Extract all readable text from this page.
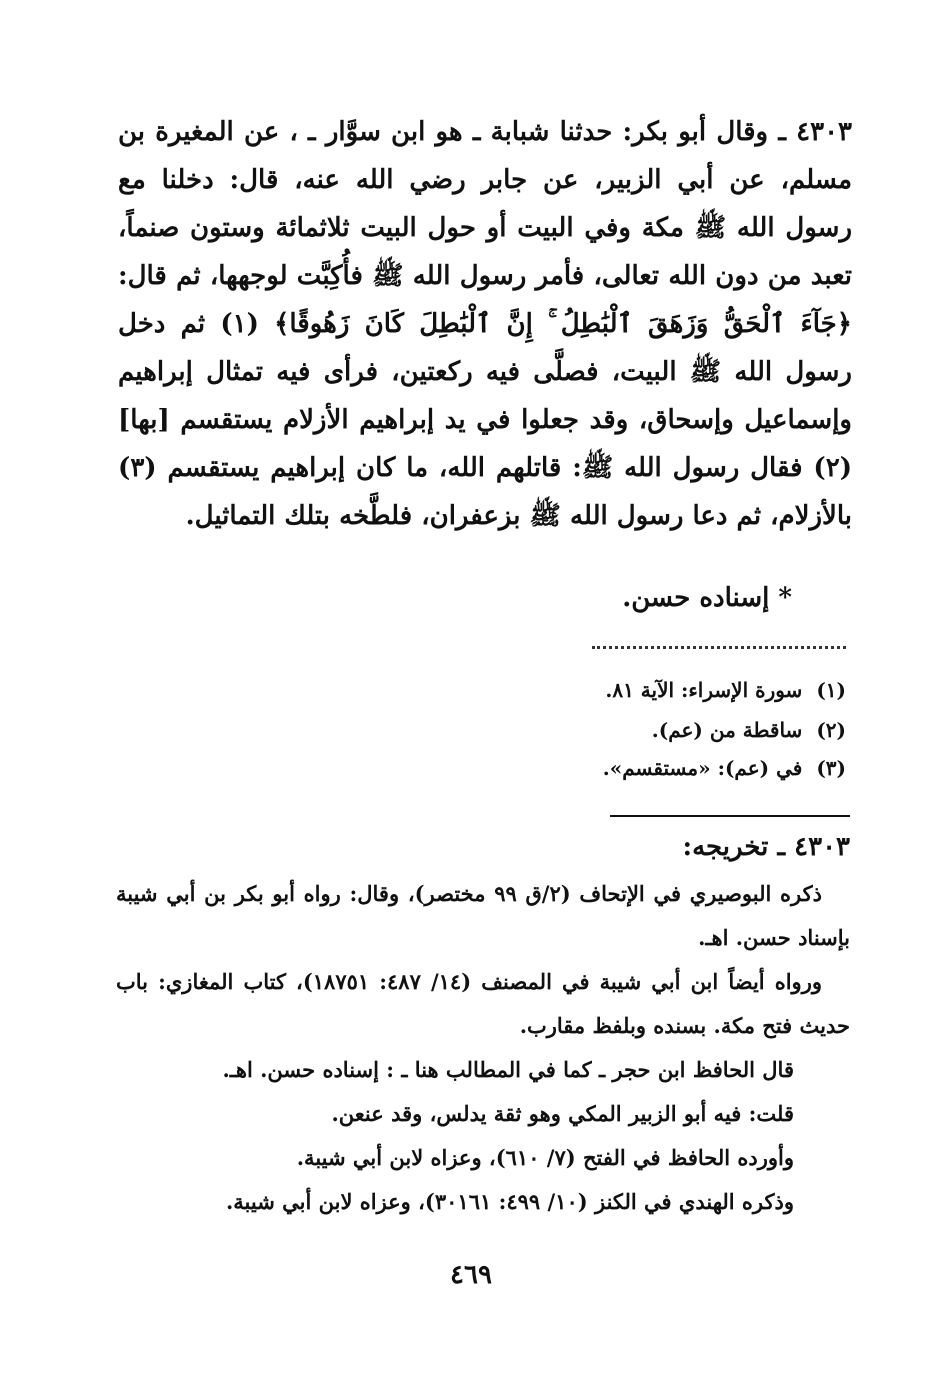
٤٣٠٣ ـ وقال أبو بكر: حدثنا شبابة ـ هو ابن سوَّار ـ ، عن المغيرة بن مسلم، عن أبي الزبير، عن جابر رضي الله عنه، قال: دخلنا مع رسول الله ﷺ مكة وفي البيت أو حول البيت ثلاثمائة وستون صنماً، تعبد من دون الله تعالى، فأمر رسول الله ﷺ فأُكِبَّت لوجهها، ثم قال: ﴿جَآءَ ٱلْحَقُّ وَزَهَقَ ٱلْبَٰطِلُ ۚ إِنَّ ٱلْبَٰطِلَ كَانَ زَهُوقًا﴾ (١) ثم دخل رسول الله ﷺ البيت، فصلَّى فيه ركعتين، فرأى فيه تمثال إبراهيم وإسماعيل وإسحاق، وقد جعلوا في يد إبراهيم الأزلام يستقسم [بها] (٢) فقال رسول الله ﷺ: قاتلهم الله، ما كان إبراهيم يستقسم (٣) بالأزلام، ثم دعا رسول الله ﷺ بزعفران، فلطَّخه بتلك التماثيل.

* إسناده حسن.
(١)سورة الإسراء: الآية ٨١.
(٢)ساقطة من (عم).
(٣)في (عم): «مستقسم».
٤٣٠٣ ـ تخريجه:

ذكره البوصيري في الإتحاف (٢/ق ٩٩ مختصر)، وقال: رواه أبو بكر بن أبي شيبة بإسناد حسن. اهـ.

ورواه أيضاً ابن أبي شيبة في المصنف (١٤/ ٤٨٧: ١٨٧٥١)، كتاب المغازي: باب حديث فتح مكة. بسنده وبلفظ مقارب.

قال الحافظ ابن حجر ـ كما في المطالب هنا ـ : إسناده حسن. اهـ.

قلت: فيه أبو الزبير المكي وهو ثقة يدلس، وقد عنعن.

وأورده الحافظ في الفتح (٧/ ٦١٠)، وعزاه لابن أبي شيبة.

وذكره الهندي في الكنز (١٠/ ٤٩٩: ٣٠١٦١)، وعزاه لابن أبي شيبة.

٤٦٩
